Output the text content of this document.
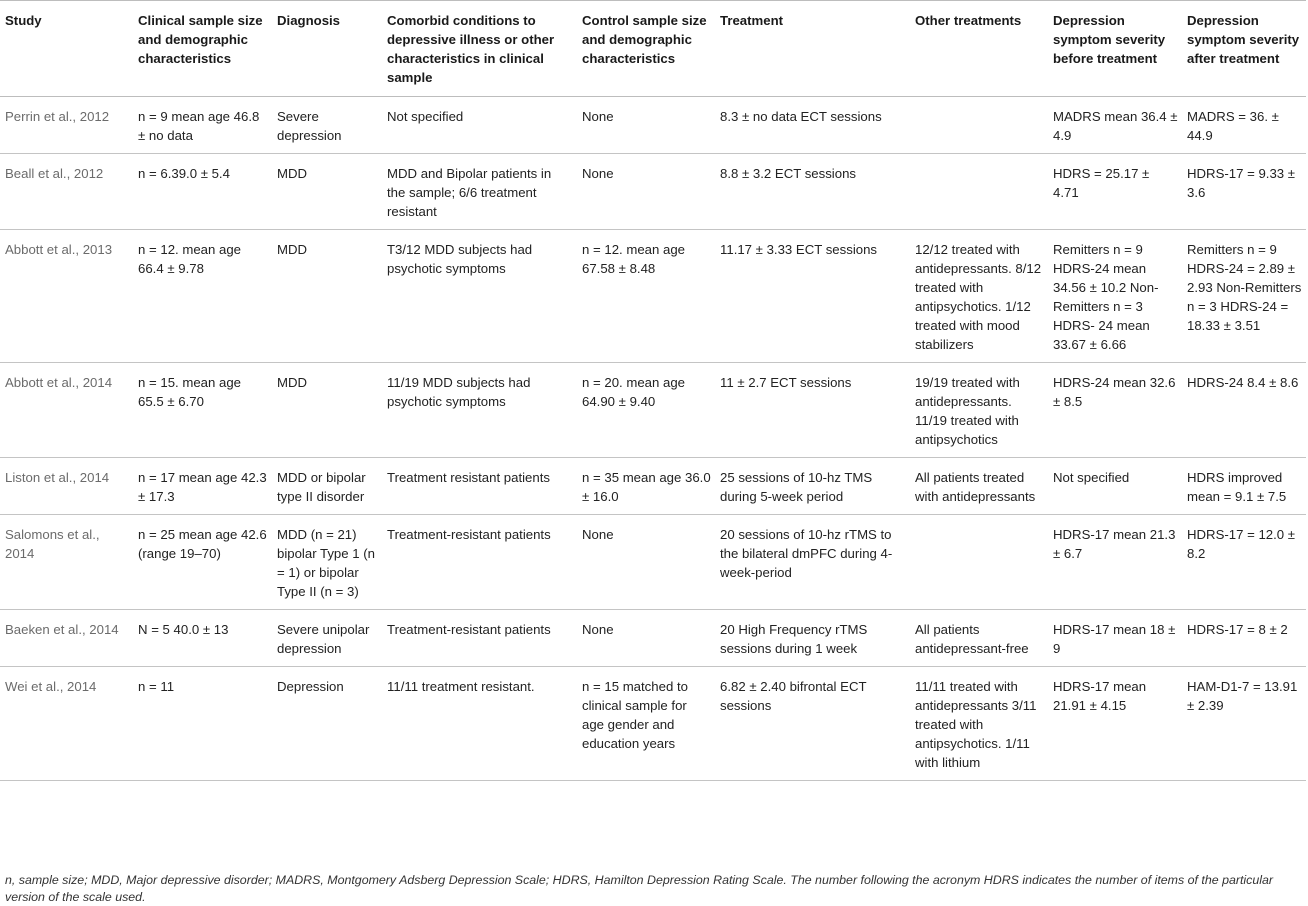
Study	Clinical sample size and demographic characteristics	Diagnosis	Comorbid conditions to depressive illness or other characteristics in clinical sample	Control sample size and demographic characteristics	Treatment	Other treatments	Depression symptom severity before treatment	Depression symptom severity after treatment
Perrin et al., 2012	n = 9 mean age 46.8 ± no data	Severe depression	Not specified	None	8.3 ± no data ECT sessions		MADRS mean 36.4 ± 4.9	MADRS = 36. ± 44.9
Beall et al., 2012	n = 6.39.0 ± 5.4	MDD	MDD and Bipolar patients in the sample; 6/6 treatment resistant	None	8.8 ± 3.2 ECT sessions		HDRS = 25.17 ± 4.71	HDRS-17 = 9.33 ± 3.6
Abbott et al., 2013	n = 12. mean age 66.4 ± 9.78	MDD	T3/12 MDD subjects had psychotic symptoms	n = 12. mean age 67.58 ± 8.48	11.17 ± 3.33 ECT sessions	12/12 treated with antidepressants. 8/12 treated with antipsychotics. 1/12 treated with mood stabilizers	Remitters n = 9 HDRS-24 mean 34.56 ± 10.2 Non-Remitters n = 3 HDRS- 24 mean 33.67 ± 6.66	Remitters n = 9 HDRS-24 = 2.89 ± 2.93 Non-Remitters n = 3 HDRS-24 = 18.33 ± 3.51
Abbott et al., 2014	n = 15. mean age 65.5 ± 6.70	MDD	11/19 MDD subjects had psychotic symptoms	n = 20. mean age 64.90 ± 9.40	11 ± 2.7 ECT sessions	19/19 treated with antidepressants. 11/19 treated with antipsychotics	HDRS-24 mean 32.6 ± 8.5	HDRS-24 8.4 ± 8.6
Liston et al., 2014	n = 17 mean age 42.3 ± 17.3	MDD or bipolar type II disorder	Treatment resistant patients	n = 35 mean age 36.0 ± 16.0	25 sessions of 10-hz TMS during 5-week period	All patients treated with antidepressants	Not specified	HDRS improved mean = 9.1 ± 7.5
Salomons et al., 2014	n = 25 mean age 42.6 (range 19–70)	MDD (n = 21) bipolar Type 1 (n = 1) or bipolar Type II (n = 3)	Treatment-resistant patients	None	20 sessions of 10-hz rTMS to the bilateral dmPFC during 4-week-period		HDRS-17 mean 21.3 ± 6.7	HDRS-17 = 12.0 ± 8.2
Baeken et al., 2014	N = 5 40.0 ± 13	Severe unipolar depression	Treatment-resistant patients	None	20 High Frequency rTMS sessions during 1 week	All patients antidepressant-free	HDRS-17 mean 18 ± 9	HDRS-17 = 8 ± 2
Wei et al., 2014	n = 11	Depression	11/11 treatment resistant.	n = 15 matched to clinical sample for age gender and education years	6.82 ± 2.40 bifrontal ECT sessions	11/11 treated with antidepressants 3/11 treated with antipsychotics. 1/11 with lithium	HDRS-17 mean 21.91 ± 4.15	HAM-D1-7 = 13.91 ± 2.39
n, sample size; MDD, Major depressive disorder; MADRS, Montgomery Adsberg Depression Scale; HDRS, Hamilton Depression Rating Scale. The number following the acronym HDRS indicates the number of items of the particular version of the scale used.
